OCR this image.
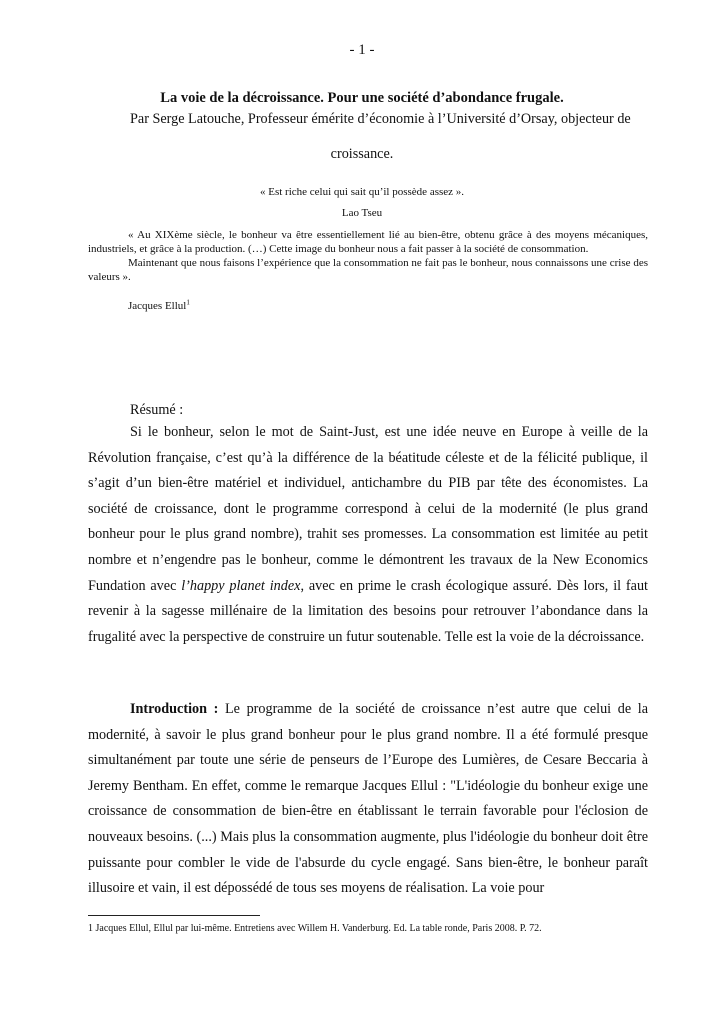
- 1 -
La voie de la décroissance. Pour une société d’abondance frugale.
Par Serge Latouche, Professeur émérite d’économie à l’Université d’Orsay, objecteur de
croissance.
« Est riche celui qui sait qu’il possède assez ».
Lao Tseu

« Au XIXème siècle, le bonheur va être essentiellement lié au bien-être, obtenu grâce à des moyens mécaniques, industriels, et grâce à la production. (…) Cette image du bonheur nous a fait passer à la société de consommation.

Maintenant que nous faisons l’expérience que la consommation ne fait pas le bonheur, nous connaissons une crise des valeurs ».

Jacques Ellul$^1$
Résumé :

Si le bonheur, selon le mot de Saint-Just, est une idée neuve en Europe à veille de la Révolution française, c’est qu’à la différence de la béatitude céleste et de la félicité publique, il s’agit d’un bien-être matériel et individuel, antichambre du PIB par tête des économistes. La société de croissance, dont le programme correspond à celui de la modernité (le plus grand bonheur pour le plus grand nombre), trahit ses promesses. La consommation est limitée au petit nombre et n’engendre pas le bonheur, comme le démontrent les travaux de la New Economics Fundation avec l’happy planet index, avec en prime le crash écologique assuré. Dès lors, il faut revenir à la sagesse millénaire de la limitation des besoins pour retrouver l’abondance dans la frugalité avec la perspective de construire un futur soutenable. Telle est la voie de la décroissance.

Introduction : Le programme de la société de croissance n’est autre que celui de la modernité, à savoir le plus grand bonheur pour le plus grand nombre. Il a été formulé presque simultanément par toute une série de penseurs de l’Europe des Lumières, de Cesare Beccaria à Jeremy Bentham. En effet, comme le remarque Jacques Ellul : "L'idéologie du bonheur exige une croissance de consommation de bien-être en établissant le terrain favorable pour l'éclosion de nouveaux besoins. (...) Mais plus la consommation augmente, plus l'idéologie du bonheur doit être puissante pour combler le vide de l'absurde du cycle engagé. Sans bien-être, le bonheur paraît illusoire et vain, il est dépossédé de tous ses moyens de réalisation. La voie pour

1 Jacques Ellul, Ellul par lui-même. Entretiens avec Willem H. Vanderburg. Ed. La table ronde, Paris 2008. P. 72.
